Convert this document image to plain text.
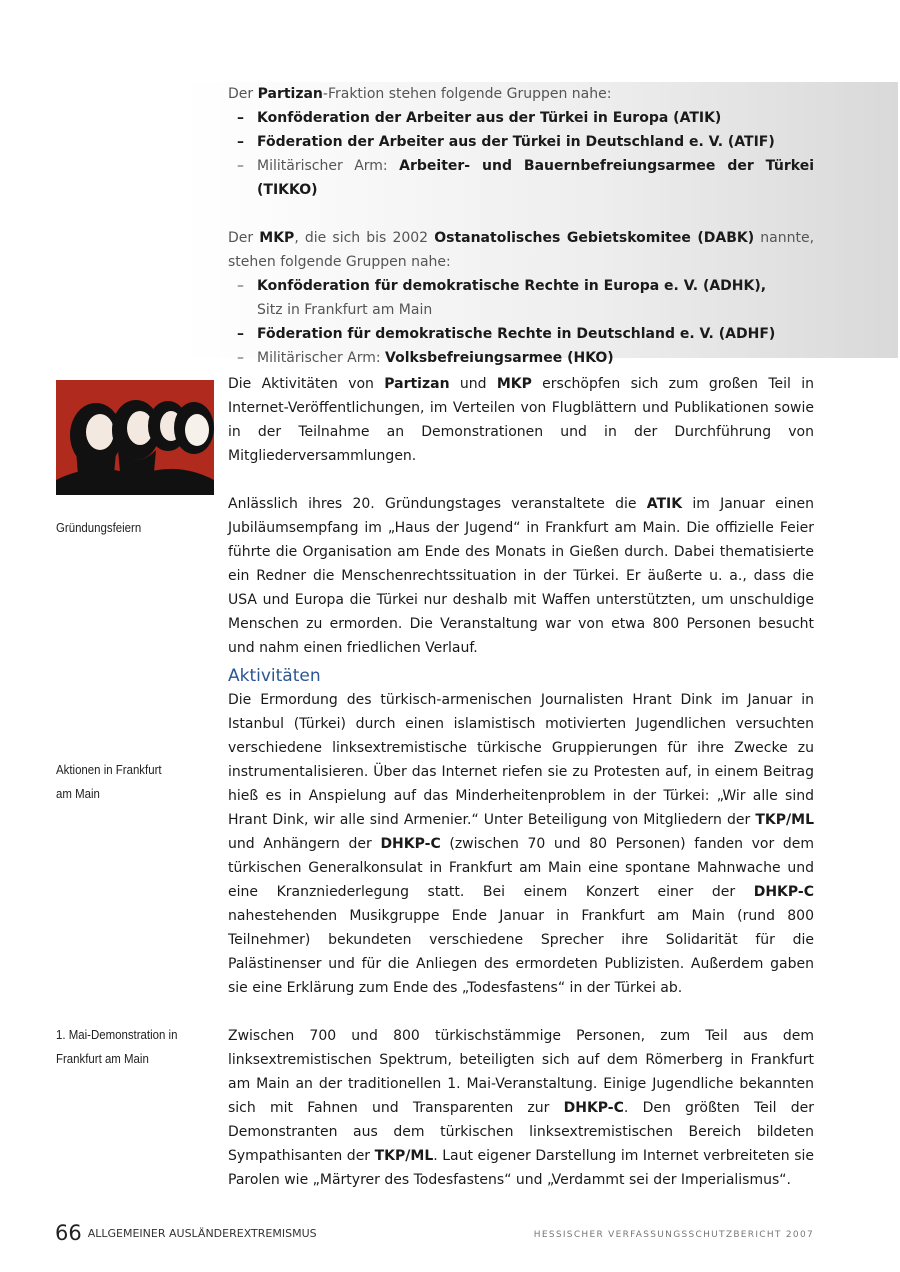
Der Partizan-Fraktion stehen folgende Gruppen nahe:

– Konföderation der Arbeiter aus der Türkei in Europa (ATIK)

– Föderation der Arbeiter aus der Türkei in Deutschland e. V. (ATIF)

– Militärischer Arm: Arbeiter- und Bauernbefreiungsarmee der Türkei (TIKKO)

Der MKP, die sich bis 2002 Ostanatolisches Gebietskomitee (DABK) nannte, stehen folgende Gruppen nahe:

– Konföderation für demokratische Rechte in Europa e. V. (ADHK),

Sitz in Frankfurt am Main

– Föderation für demokratische Rechte in Deutschland e. V. (ADHF)

– Militärischer Arm: Volksbefreiungsarmee (HKO)

Gründungsfeiern
Aktionen in Frankfurt
am Main
1. Mai-Demonstration in
Frankfurt am Main

Die Aktivitäten von Partizan und MKP erschöpfen sich zum großen Teil in Internet-Veröffentlichungen, im Verteilen von Flugblättern und Publikationen sowie in der Teilnahme an Demonstrationen und in der Durchführung von Mitgliederversammlungen.

Anlässlich ihres 20. Gründungstages veranstaltete die ATIK im Januar einen Jubiläumsempfang im „Haus der Jugend“ in Frankfurt am Main. Die offizielle Feier führte die Organisation am Ende des Monats in Gießen durch. Dabei thematisierte ein Redner die Menschenrechtssituation in der Türkei. Er äußerte u. a., dass die USA und Europa die Türkei nur deshalb mit Waffen unterstützten, um unschuldige Menschen zu ermorden. Die Veranstaltung war von etwa 800 Personen besucht und nahm einen friedlichen Verlauf.

Aktivitäten

Die Ermordung des türkisch-armenischen Journalisten Hrant Dink im Januar in Istanbul (Türkei) durch einen islamistisch motivierten Jugendlichen versuchten verschiedene linksextremistische türkische Gruppierungen für ihre Zwecke zu instrumentalisieren. Über das Internet riefen sie zu Protesten auf, in einem Beitrag hieß es in Anspielung auf das Minderheitenproblem in der Türkei: „Wir alle sind Hrant Dink, wir alle sind Armenier.“ Unter Beteiligung von Mitgliedern der TKP/ML und Anhängern der DHKP-C (zwischen 70 und 80 Personen) fanden vor dem türkischen Generalkonsulat in Frankfurt am Main eine spontane Mahnwache und eine Kranzniederlegung statt. Bei einem Konzert einer der DHKP-C nahestehenden Musikgruppe Ende Januar in Frankfurt am Main (rund 800 Teilnehmer) bekundeten verschiedene Sprecher ihre Solidarität für die Palästinenser und für die Anliegen des ermordeten Publizisten. Außerdem gaben sie eine Erklärung zum Ende des „Todesfastens“ in der Türkei ab.

Zwischen 700 und 800 türkischstämmige Personen, zum Teil aus dem linksextremistischen Spektrum, beteiligten sich auf dem Römerberg in Frankfurt am Main an der traditionellen 1. Mai-Veranstaltung. Einige Jugendliche bekannten sich mit Fahnen und Transparenten zur DHKP-C. Den größten Teil der Demonstranten aus dem türkischen linksextremistischen Bereich bildeten Sympathisanten der TKP/ML. Laut eigener Darstellung im Internet verbreiteten sie Parolen wie „Märtyrer des Todesfastens“ und „Verdammt sei der Imperialismus“.

66 ALLGEMEINER AUSLÄNDEREXTREMISMUS	HESSISCHER VERFASSUNGSSCHUTZBERICHT 2007
